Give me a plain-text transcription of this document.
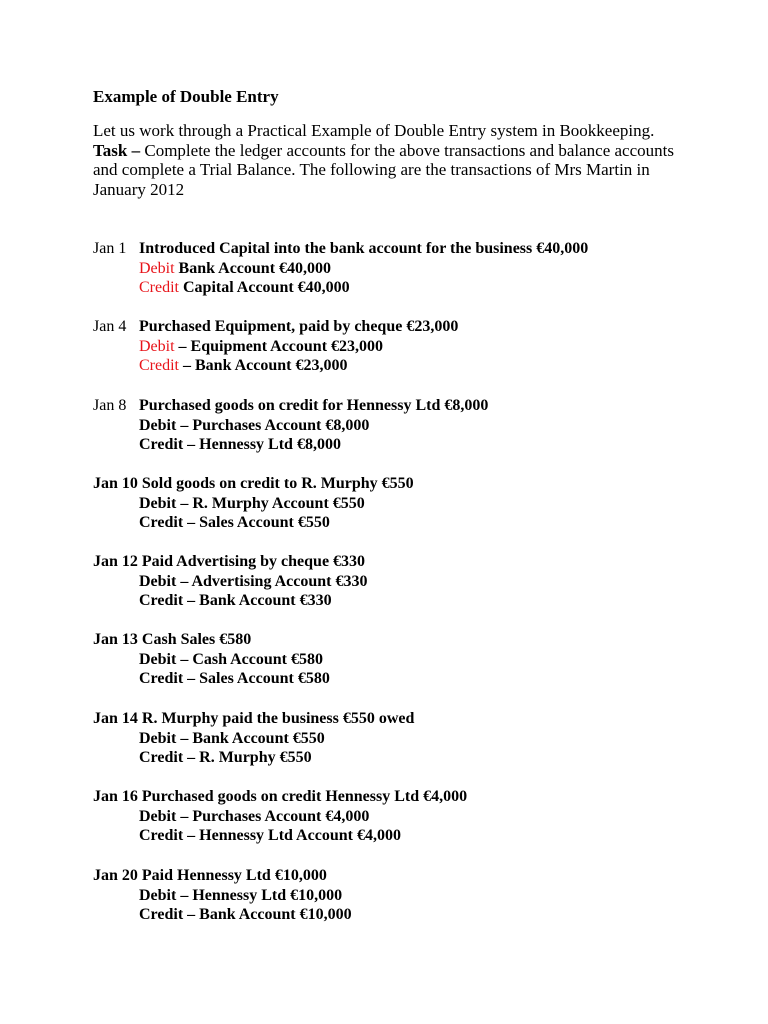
Example of Double Entry

Let us work through a Practical Example of Double Entry system in Bookkeeping.

Task – Complete the ledger accounts for the above transactions and balance accounts and complete a Trial Balance. The following are the transactions of Mrs Martin in January 2012

Jan 1 Introduced Capital into the bank account for the business €40,000
Debit Bank Account €40,000
Credit Capital Account €40,000
Jan 4 Purchased Equipment, paid by cheque €23,000
Debit – Equipment Account €23,000
Credit – Bank Account €23,000
Jan 8 Purchased goods on credit for Hennessy Ltd €8,000
Debit – Purchases Account €8,000
Credit – Hennessy Ltd €8,000
Jan 10 Sold goods on credit to R. Murphy €550
Debit – R. Murphy Account €550
Credit – Sales Account €550
Jan 12 Paid Advertising by cheque €330
Debit – Advertising Account €330
Credit – Bank Account €330
Jan 13 Cash Sales €580
Debit – Cash Account €580
Credit – Sales Account €580
Jan 14 R. Murphy paid the business €550 owed
Debit – Bank Account €550
Credit – R. Murphy €550
Jan 16 Purchased goods on credit Hennessy Ltd €4,000
Debit – Purchases Account €4,000
Credit – Hennessy Ltd Account €4,000
Jan 20 Paid Hennessy Ltd €10,000
Debit – Hennessy Ltd €10,000
Credit – Bank Account €10,000
